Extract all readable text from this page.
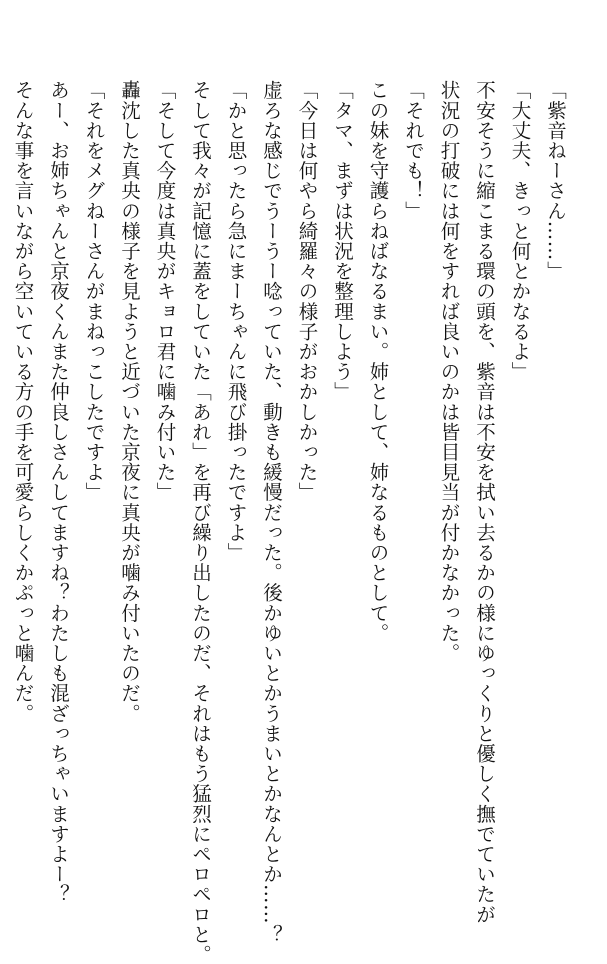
「紫音ねーさん……」
「大丈夫、きっと何とかなるよ」
不安そうに縮こまる環の頭を、紫音は不安を拭い去るかの様にゆっくりと優しく撫でていたが
状況の打破には何をすれば良いのかは皆目見当が付かなかった。
「それでも！」
この妹を守護らねばなるまい。姉として、姉なるものとして。
「タマ、まずは状況を整理しよう」
「今日は何やら綺羅々の様子がおかしかった」
虚ろな感じでうーうー唸っていた、動きも緩慢だった。後かゆいとかうまいとかなんとか……？
「かと思ったら急にまーちゃんに飛び掛ったですよ」
そして我々が記憶に蓋をしていた「あれ」を再び繰り出したのだ、それはもう猛烈にペロペロと。
「そして今度は真央がキョロ君に噛み付いた」
轟沈した真央の様子を見ようと近づいた京夜に真央が噛み付いたのだ。
「それをメグねーさんがまねっこしたですよ」
あー、お姉ちゃんと京夜くんまた仲良しさんしてますね？わたしも混ざっちゃいますよー？
そんな事を言いながら空いている方の手を可愛らしくかぷっと噛んだ。
